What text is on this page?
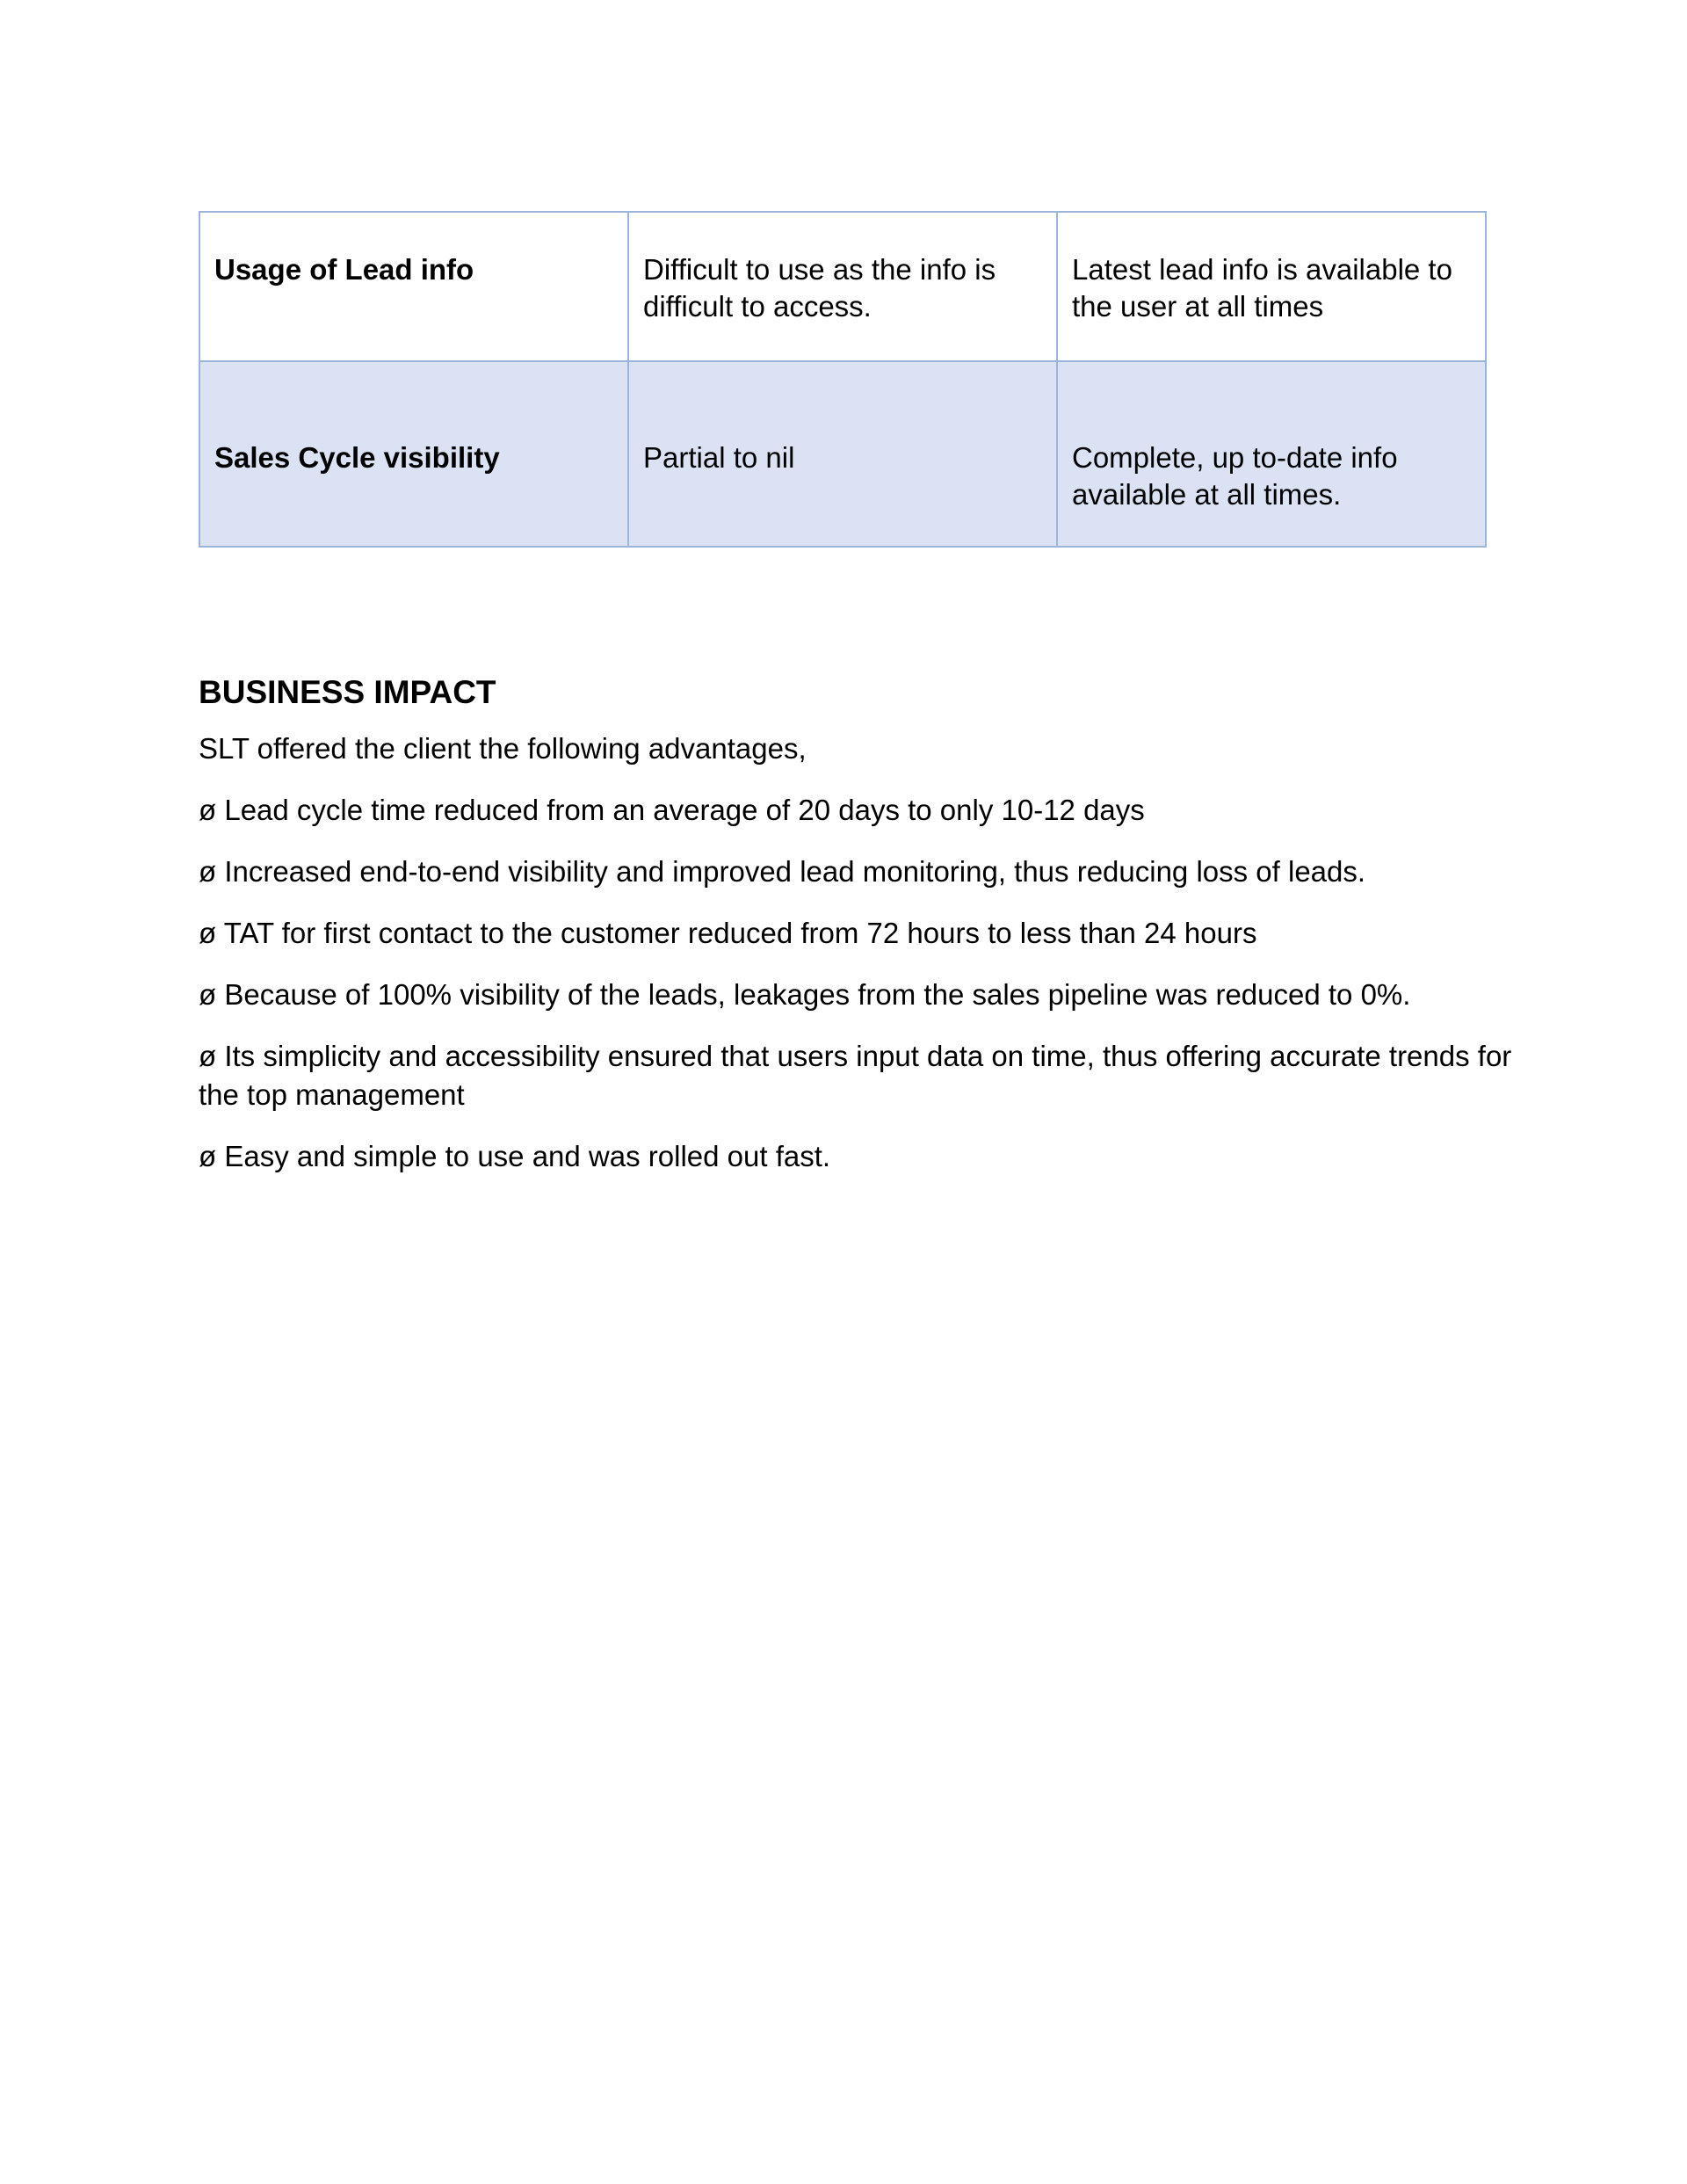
Usage of Lead info	Difficult to use as the info is difficult to access.	Latest lead info is available to the user at all times
Sales Cycle visibility	Partial to nil	Complete, up to-date info available at all times.
BUSINESS IMPACT

SLT offered the client the following advantages,

ø Lead cycle time reduced from an average of 20 days to only 10-12 days

ø Increased end-to-end visibility and improved lead monitoring, thus reducing loss of leads.

ø TAT for first contact to the customer reduced from 72 hours to less than 24 hours

ø Because of 100% visibility of the leads, leakages from the sales pipeline was reduced to 0%.

ø Its simplicity and accessibility ensured that users input data on time, thus offering accurate trends for the top management

ø Easy and simple to use and was rolled out fast.
